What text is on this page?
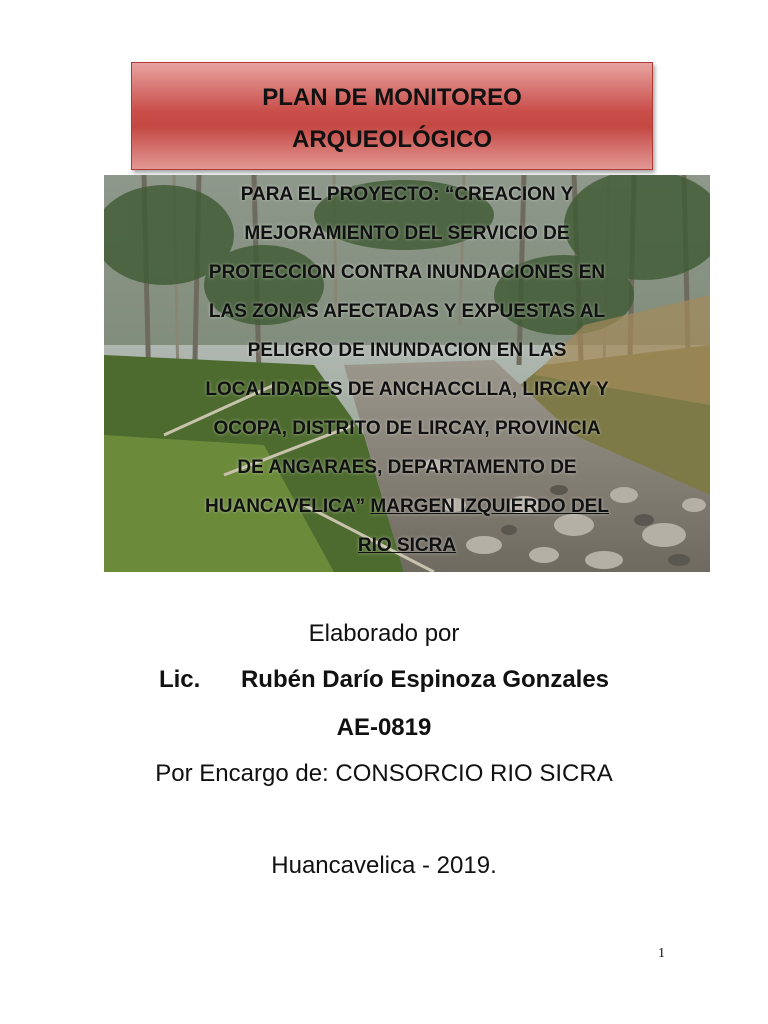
PLAN DE MONITOREO
ARQUEOLÓGICO
PARA EL PROYECTO: “CREACION Y
MEJORAMIENTO DEL SERVICIO DE
PROTECCION CONTRA INUNDACIONES EN
LAS ZONAS AFECTADAS Y EXPUESTAS AL
PELIGRO DE INUNDACION EN LAS
LOCALIDADES DE ANCHACCLLA, LIRCAY Y
OCOPA, DISTRITO DE LIRCAY, PROVINCIA
DE ANGARAES, DEPARTAMENTO DE
HUANCAVELICA” MARGEN IZQUIERDO DEL
RIO SICRA
Elaborado por
Lic. Rubén Darío Espinoza Gonzales
AE-0819
Por Encargo de: CONSORCIO RIO SICRA
Huancavelica - 2019.
1
